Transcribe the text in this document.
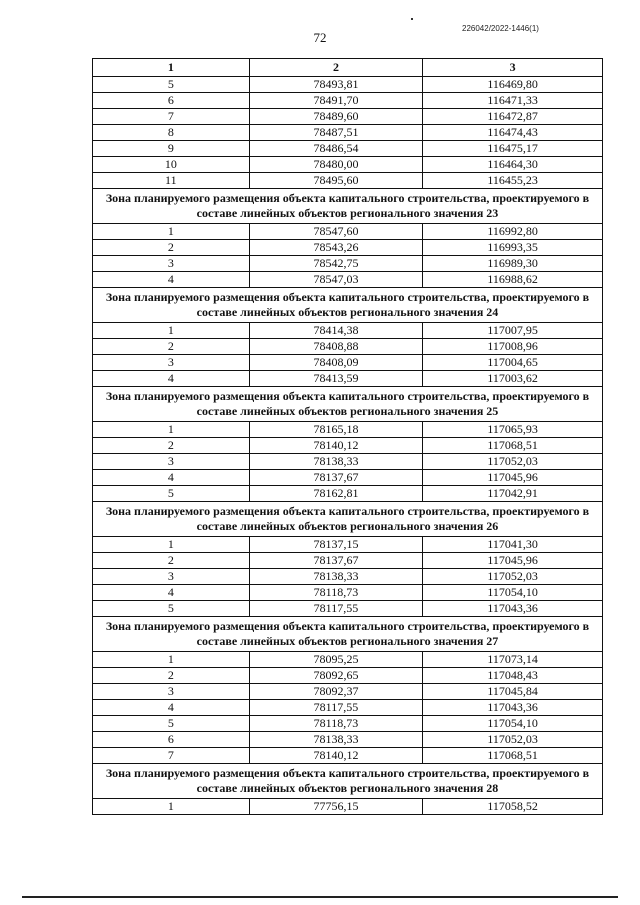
72
226042/2022-1446(1)
1	2	3
5	78493,81	116469,80
6	78491,70	116471,33
7	78489,60	116472,87
8	78487,51	116474,43
9	78486,54	116475,17
10	78480,00	116464,30
11	78495,60	116455,23
Зона планируемого размещения объекта капитального строительства, проектируемого в составе линейных объектов регионального значения 23		
1	78547,60	116992,80
2	78543,26	116993,35
3	78542,75	116989,30
4	78547,03	116988,62
Зона планируемого размещения объекта капитального строительства, проектируемого в составе линейных объектов регионального значения 24		
1	78414,38	117007,95
2	78408,88	117008,96
3	78408,09	117004,65
4	78413,59	117003,62
Зона планируемого размещения объекта капитального строительства, проектируемого в составе линейных объектов регионального значения 25		
1	78165,18	117065,93
2	78140,12	117068,51
3	78138,33	117052,03
4	78137,67	117045,96
5	78162,81	117042,91
Зона планируемого размещения объекта капитального строительства, проектируемого в составе линейных объектов регионального значения 26		
1	78137,15	117041,30
2	78137,67	117045,96
3	78138,33	117052,03
4	78118,73	117054,10
5	78117,55	117043,36
Зона планируемого размещения объекта капитального строительства, проектируемого в составе линейных объектов регионального значения 27		
1	78095,25	117073,14
2	78092,65	117048,43
3	78092,37	117045,84
4	78117,55	117043,36
5	78118,73	117054,10
6	78138,33	117052,03
7	78140,12	117068,51
Зона планируемого размещения объекта капитального строительства, проектируемого в составе линейных объектов регионального значения 28		
1	77756,15	117058,52
